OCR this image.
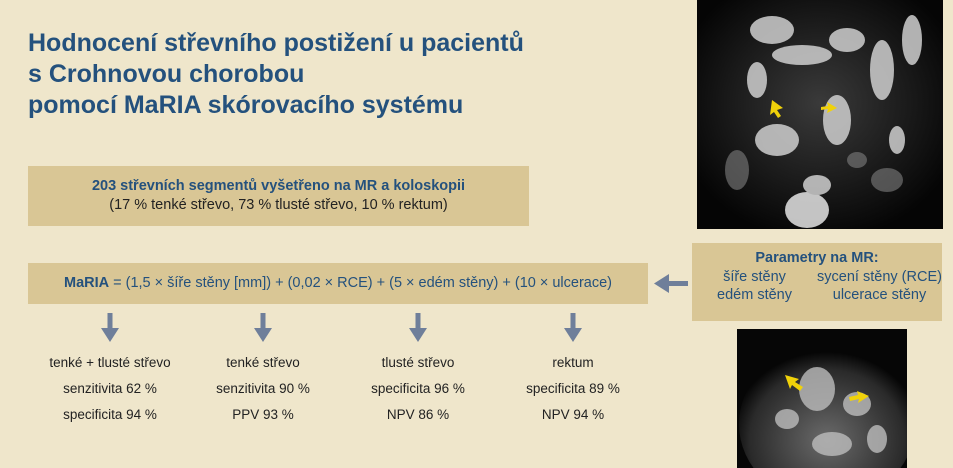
Hodnocení střevního postižení u pacientů
s Crohnovou chorobou
pomocí MaRIA skórovacího systému
203 střevních segmentů vyšetřeno na MR a koloskopii
(17 % tenké střevo, 73 % tlusté střevo, 10 % rektum)
MaRIA = (1,5 × šíře stěny [mm]) + (0,02 × RCE) + (5 × edém stěny) + (10 × ulcerace)
Parametry na MR:
šíře stěny	sycení stěny (RCE)
edém stěny	ulcerace stěny
tenké + tlusté střevo
senzitivita 62 %
specificita 94 %
tenké střevo
senzitivita 90 %
PPV 93 %
tlusté střevo
specificita 96 %
NPV 86 %
rektum
specificita 89 %
NPV 94 %
